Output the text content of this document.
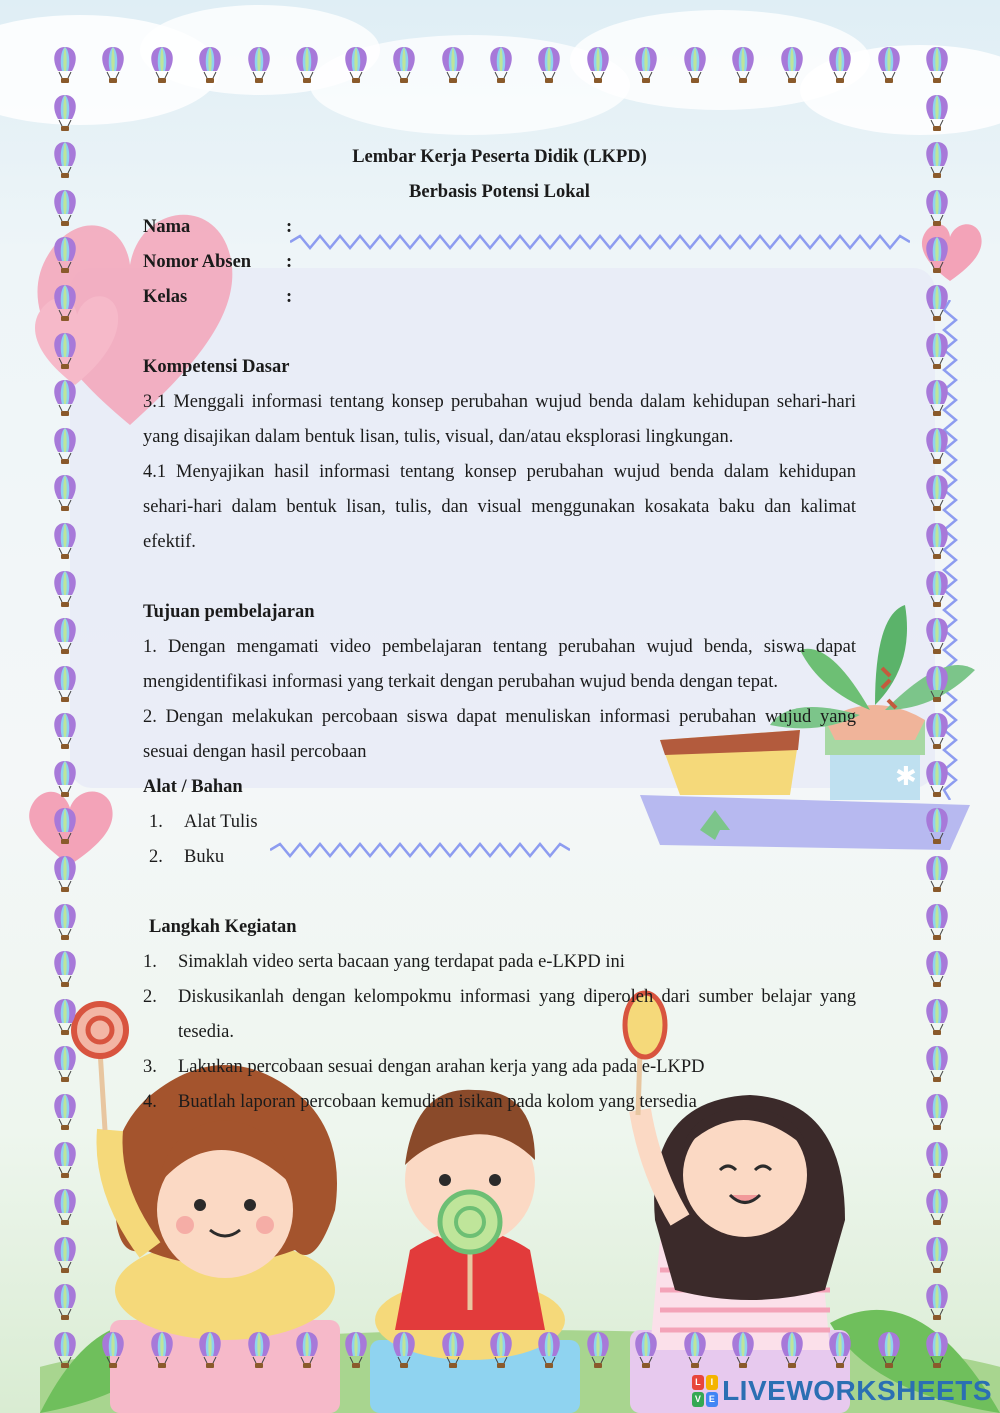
✱
Lembar Kerja Peserta Didik (LKPD)
Berbasis Potensi Lokal
Nama	:
Nomor Absen	:
Kelas	:
Kompetensi Dasar
3.1 Menggali informasi tentang konsep perubahan wujud benda dalam kehidupan sehari-hari yang disajikan dalam bentuk lisan, tulis, visual, dan/atau eksplorasi lingkungan.
4.1 Menyajikan hasil informasi tentang konsep perubahan wujud benda dalam kehidupan sehari-hari dalam bentuk lisan, tulis, dan visual menggunakan kosakata baku dan kalimat efektif.
Tujuan pembelajaran
1. Dengan mengamati video pembelajaran tentang perubahan wujud benda, siswa dapat mengidentifikasi informasi yang terkait dengan perubahan wujud benda dengan tepat.
2. Dengan melakukan percobaan siswa dapat menuliskan informasi perubahan wujud yang sesuai dengan hasil percobaan
Alat / Bahan
1.	Alat Tulis
2.	Buku
Langkah Kegiatan
1.	Simaklah video serta bacaan yang terdapat pada e-LKPD ini
2.	Diskusikanlah dengan kelompokmu informasi yang diperoleh dari sumber belajar yang tesedia.
3.	Lakukan percobaan sesuai dengan arahan kerja yang ada pada e-LKPD
4.	Buatlah laporan percobaan kemudian isikan pada kolom yang tersedia
L	I
V E LIVEWORKSHEETS
